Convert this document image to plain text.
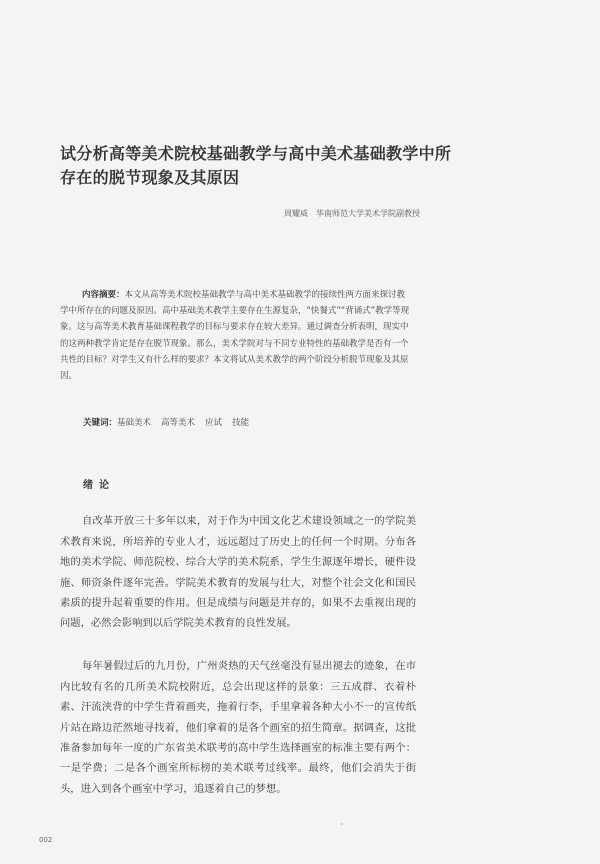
试分析高等美术院校基础教学与高中美术基础教学中所存在的脱节现象及其原因
周耀威 华南师范大学美术学院副教授
内容摘要：本文从高等美术院校基础教学与高中美术基础教学的接续性两方面来探讨教学中所存在的问题及原因。高中基础美术教学主要存在生源复杂，“快餐式”“背诵式”教学等现象。这与高等美术教育基础课程教学的目标与要求存在较大差异。通过调查分析表明，现实中的这两种教学肯定是存在脱节现象。那么，美术学院对与不同专业特性的基础教学是否有一个共性的目标？对学生又有什么样的要求？本文将试从美术教学的两个阶段分析脱节现象及其原因。
关键词：基础美术 高等美术 应试 技能
绪论

自改革开放三十多年以来，对于作为中国文化艺术建设领域之一的学院美术教育来说，所培养的专业人才，远远超过了历史上的任何一个时期。分布各地的美术学院、师范院校、综合大学的美术院系，学生生源逐年增长，硬件设施、师资条件逐年完善。学院美术教育的发展与壮大，对整个社会文化和国民素质的提升起着重要的作用。但是成绩与问题是并存的，如果不去重视出现的问题，必然会影响到以后学院美术教育的良性发展。

每年暑假过后的九月份，广州炎热的天气丝毫没有显出褪去的迹象，在市内比较有名的几所美术院校附近，总会出现这样的景象：三五成群、衣着朴素、汗流浃背的中学生背着画夹，拖着行李，手里拿着各种大小不一的宣传纸片站在路边茫然地寻找着，他们拿着的是各个画室的招生简章。据调查，这批准备参加每年一度的广东省美术联考的高中学生选择画室的标准主要有两个：一是学费；二是各个画室所标榜的美术联考过线率。最终，他们会消失于街头，进入到各个画室中学习，追逐着自己的梦想。

002
